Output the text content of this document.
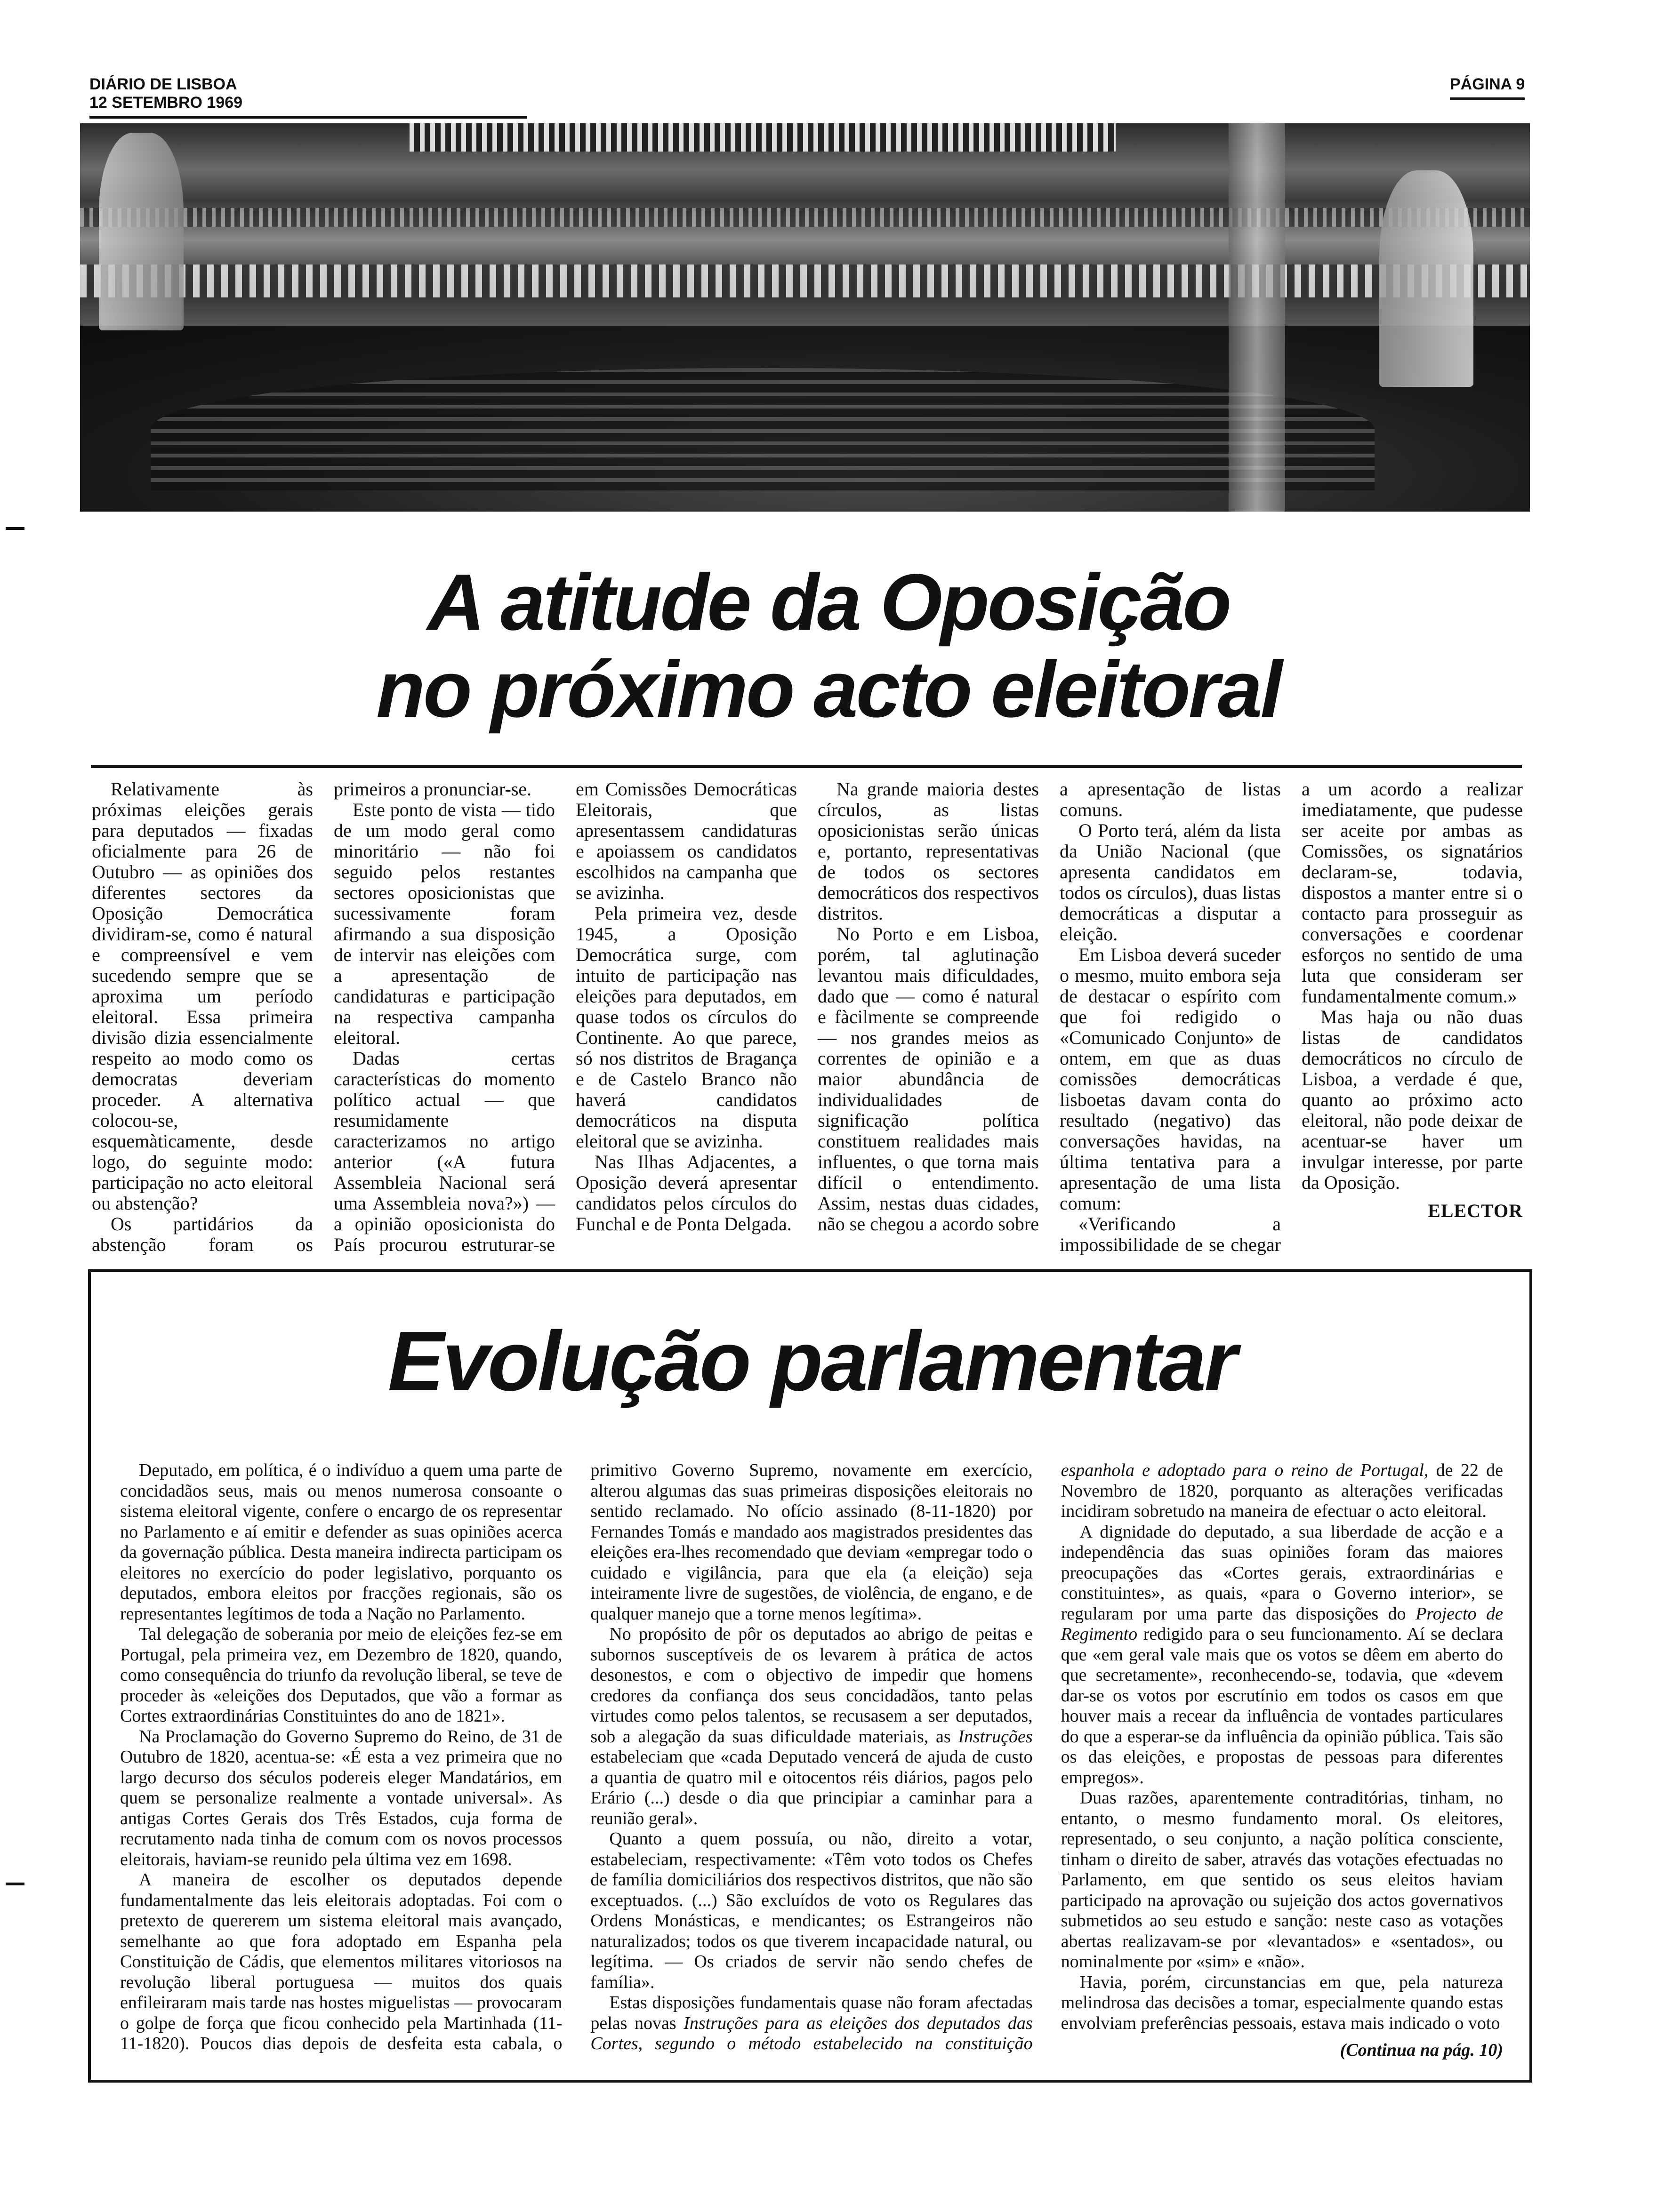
DIÁRIO DE LISBOA12 SETEMBRO 1969
PÁGINA 9
A atitude da Oposição
no próximo acto eleitoral

Relativamente às próximas eleições gerais para deputados — fixadas oficialmente para 26 de Outubro — as opiniões dos diferentes sectores da Oposição Democrática dividiram-se, como é natural e compreensível e vem sucedendo sempre que se aproxima um período eleitoral. Essa primeira divisão dizia essencialmente respeito ao modo como os democratas deveriam proceder. A alternativa colocou-se, esquemàticamente, desde logo, do seguinte modo: participação no acto eleitoral ou abstenção?

Os partidários da abstenção foram os primeiros a pronunciar-se.

Este ponto de vista — tido de um modo geral como minoritário — não foi seguido pelos restantes sectores oposicionistas que sucessivamente foram afirmando a sua disposição de intervir nas eleições com a apresentação de candidaturas e participação na respectiva campanha eleitoral.

Dadas certas características do momento político actual — que resumidamente caracterizamos no artigo anterior («A futura Assembleia Nacional será uma Assembleia nova?») — a opinião oposicionista do País procurou estruturar-se em Comissões Democráticas Eleitorais, que apresentassem candidaturas e apoiassem os candidatos escolhidos na campanha que se avizinha.

Pela primeira vez, desde 1945, a Oposição Democrática surge, com intuito de participação nas eleições para deputados, em quase todos os círculos do Continente. Ao que parece, só nos distritos de Bragança e de Castelo Branco não haverá candidatos democráticos na disputa eleitoral que se avizinha.

Nas Ilhas Adjacentes, a Oposição deverá apresentar candidatos pelos círculos do Funchal e de Ponta Delgada.

Na grande maioria destes círculos, as listas oposicionistas serão únicas e, portanto, representativas de todos os sectores democráticos dos respectivos distritos.

No Porto e em Lisboa, porém, tal aglutinação levantou mais dificuldades, dado que — como é natural e fàcilmente se compreende — nos grandes meios as correntes de opinião e a maior abundância de individualidades de significação política constituem realidades mais influentes, o que torna mais difícil o entendimento. Assim, nestas duas cidades, não se chegou a acordo sobre a apresentação de listas comuns.

O Porto terá, além da lista da União Nacional (que apresenta candidatos em todos os círculos), duas listas democráticas a disputar a eleição.

Em Lisboa deverá suceder o mesmo, muito embora seja de destacar o espírito com que foi redigido o «Comunicado Conjunto» de ontem, em que as duas comissões democráticas lisboetas davam conta do resultado (negativo) das conversações havidas, na última tentativa para a apresentação de uma lista comum:

«Verificando a impossibilidade de se chegar a um acordo a realizar imediatamente, que pudesse ser aceite por ambas as Comissões, os signatários declaram-se, todavia, dispostos a manter entre si o contacto para prosseguir as conversações e coordenar esforços no sentido de uma luta que consideram ser fundamentalmente comum.»

Mas haja ou não duas listas de candidatos democráticos no círculo de Lisboa, a verdade é que, quanto ao próximo acto eleitoral, não pode deixar de acentuar-se haver um invulgar interesse, por parte da Oposição.

ELECTOR
Evolução parlamentar

Deputado, em política, é o indivíduo a quem uma parte de concidadãos seus, mais ou menos numerosa consoante o sistema eleitoral vigente, confere o encargo de os representar no Parlamento e aí emitir e defender as suas opiniões acerca da governação pública. Desta maneira indirecta participam os eleitores no exercício do poder legislativo, porquanto os deputados, embora eleitos por fracções regionais, são os representantes legítimos de toda a Nação no Parlamento.

Tal delegação de soberania por meio de eleições fez-se em Portugal, pela primeira vez, em Dezembro de 1820, quando, como consequência do triunfo da revolução liberal, se teve de proceder às «eleições dos Deputados, que vão a formar as Cortes extraordinárias Constituintes do ano de 1821».

Na Proclamação do Governo Supremo do Reino, de 31 de Outubro de 1820, acentua-se: «É esta a vez primeira que no largo decurso dos séculos podereis eleger Mandatários, em quem se personalize realmente a vontade universal». As antigas Cortes Gerais dos Três Estados, cuja forma de recrutamento nada tinha de comum com os novos processos eleitorais, haviam-se reunido pela última vez em 1698.

A maneira de escolher os deputados depende fundamentalmente das leis eleitorais adoptadas. Foi com o pretexto de quererem um sistema eleitoral mais avançado, semelhante ao que fora adoptado em Espanha pela Constituição de Cádis, que elementos militares vitoriosos na revolução liberal portuguesa — muitos dos quais enfileiraram mais tarde nas hostes miguelistas — provocaram o golpe de força que ficou conhecido pela Martinhada (11-11-1820). Poucos dias depois de desfeita esta cabala, o primitivo Governo Supremo, novamente em exercício, alterou algumas das suas primeiras disposições eleitorais no sentido reclamado. No ofício assinado (8-11-1820) por Fernandes Tomás e mandado aos magistrados presidentes das eleições era-lhes recomendado que deviam «empregar todo o cuidado e vigilância, para que ela (a eleição) seja inteiramente livre de sugestões, de violência, de engano, e de qualquer manejo que a torne menos legítima».

No propósito de pôr os deputados ao abrigo de peitas e subornos susceptíveis de os levarem à prática de actos desonestos, e com o objectivo de impedir que homens credores da confiança dos seus concidadãos, tanto pelas virtudes como pelos talentos, se recusasem a ser deputados, sob a alegação da suas dificuldade materiais, as Instruções estabeleciam que «cada Deputado vencerá de ajuda de custo a quantia de quatro mil e oitocentos réis diários, pagos pelo Erário (...) desde o dia que principiar a caminhar para a reunião geral».

Quanto a quem possuía, ou não, direito a votar, estabeleciam, respectivamente: «Têm voto todos os Chefes de família domiciliários dos respectivos distritos, que não são exceptuados. (...) São excluídos de voto os Regulares das Ordens Monásticas, e mendicantes; os Estrangeiros não naturalizados; todos os que tiverem incapacidade natural, ou legítima. — Os criados de servir não sendo chefes de família».

Estas disposições fundamentais quase não foram afectadas pelas novas Instruções para as eleições dos deputados das Cortes, segundo o método estabelecido na constituição espanhola e adoptado para o reino de Portugal, de 22 de Novembro de 1820, porquanto as alterações verificadas incidiram sobretudo na maneira de efectuar o acto eleitoral.

A dignidade do deputado, a sua liberdade de acção e a independência das suas opiniões foram das maiores preocupações das «Cortes gerais, extraordinárias e constituintes», as quais, «para o Governo interior», se regularam por uma parte das disposições do Projecto de Regimento redigido para o seu funcionamento. Aí se declara que «em geral vale mais que os votos se dêem em aberto do que secretamente», reconhecendo-se, todavia, que «devem dar-se os votos por escrutínio em todos os casos em que houver mais a recear da influência de vontades particulares do que a esperar-se da influência da opinião pública. Tais são os das eleições, e propostas de pessoas para diferentes empregos».

Duas razões, aparentemente contraditórias, tinham, no entanto, o mesmo fundamento moral. Os eleitores, representado, o seu conjunto, a nação política consciente, tinham o direito de saber, através das votações efectuadas no Parlamento, em que sentido os seus eleitos haviam participado na aprovação ou sujeição dos actos governativos submetidos ao seu estudo e sanção: neste caso as votações abertas realizavam-se por «levantados» e «sentados», ou nominalmente por «sim» e «não».

Havia, porém, circunstancias em que, pela natureza melindrosa das decisões a tomar, especialmente quando estas envolviam preferências pessoais, estava mais indicado o voto

(Continua na pág. 10)
